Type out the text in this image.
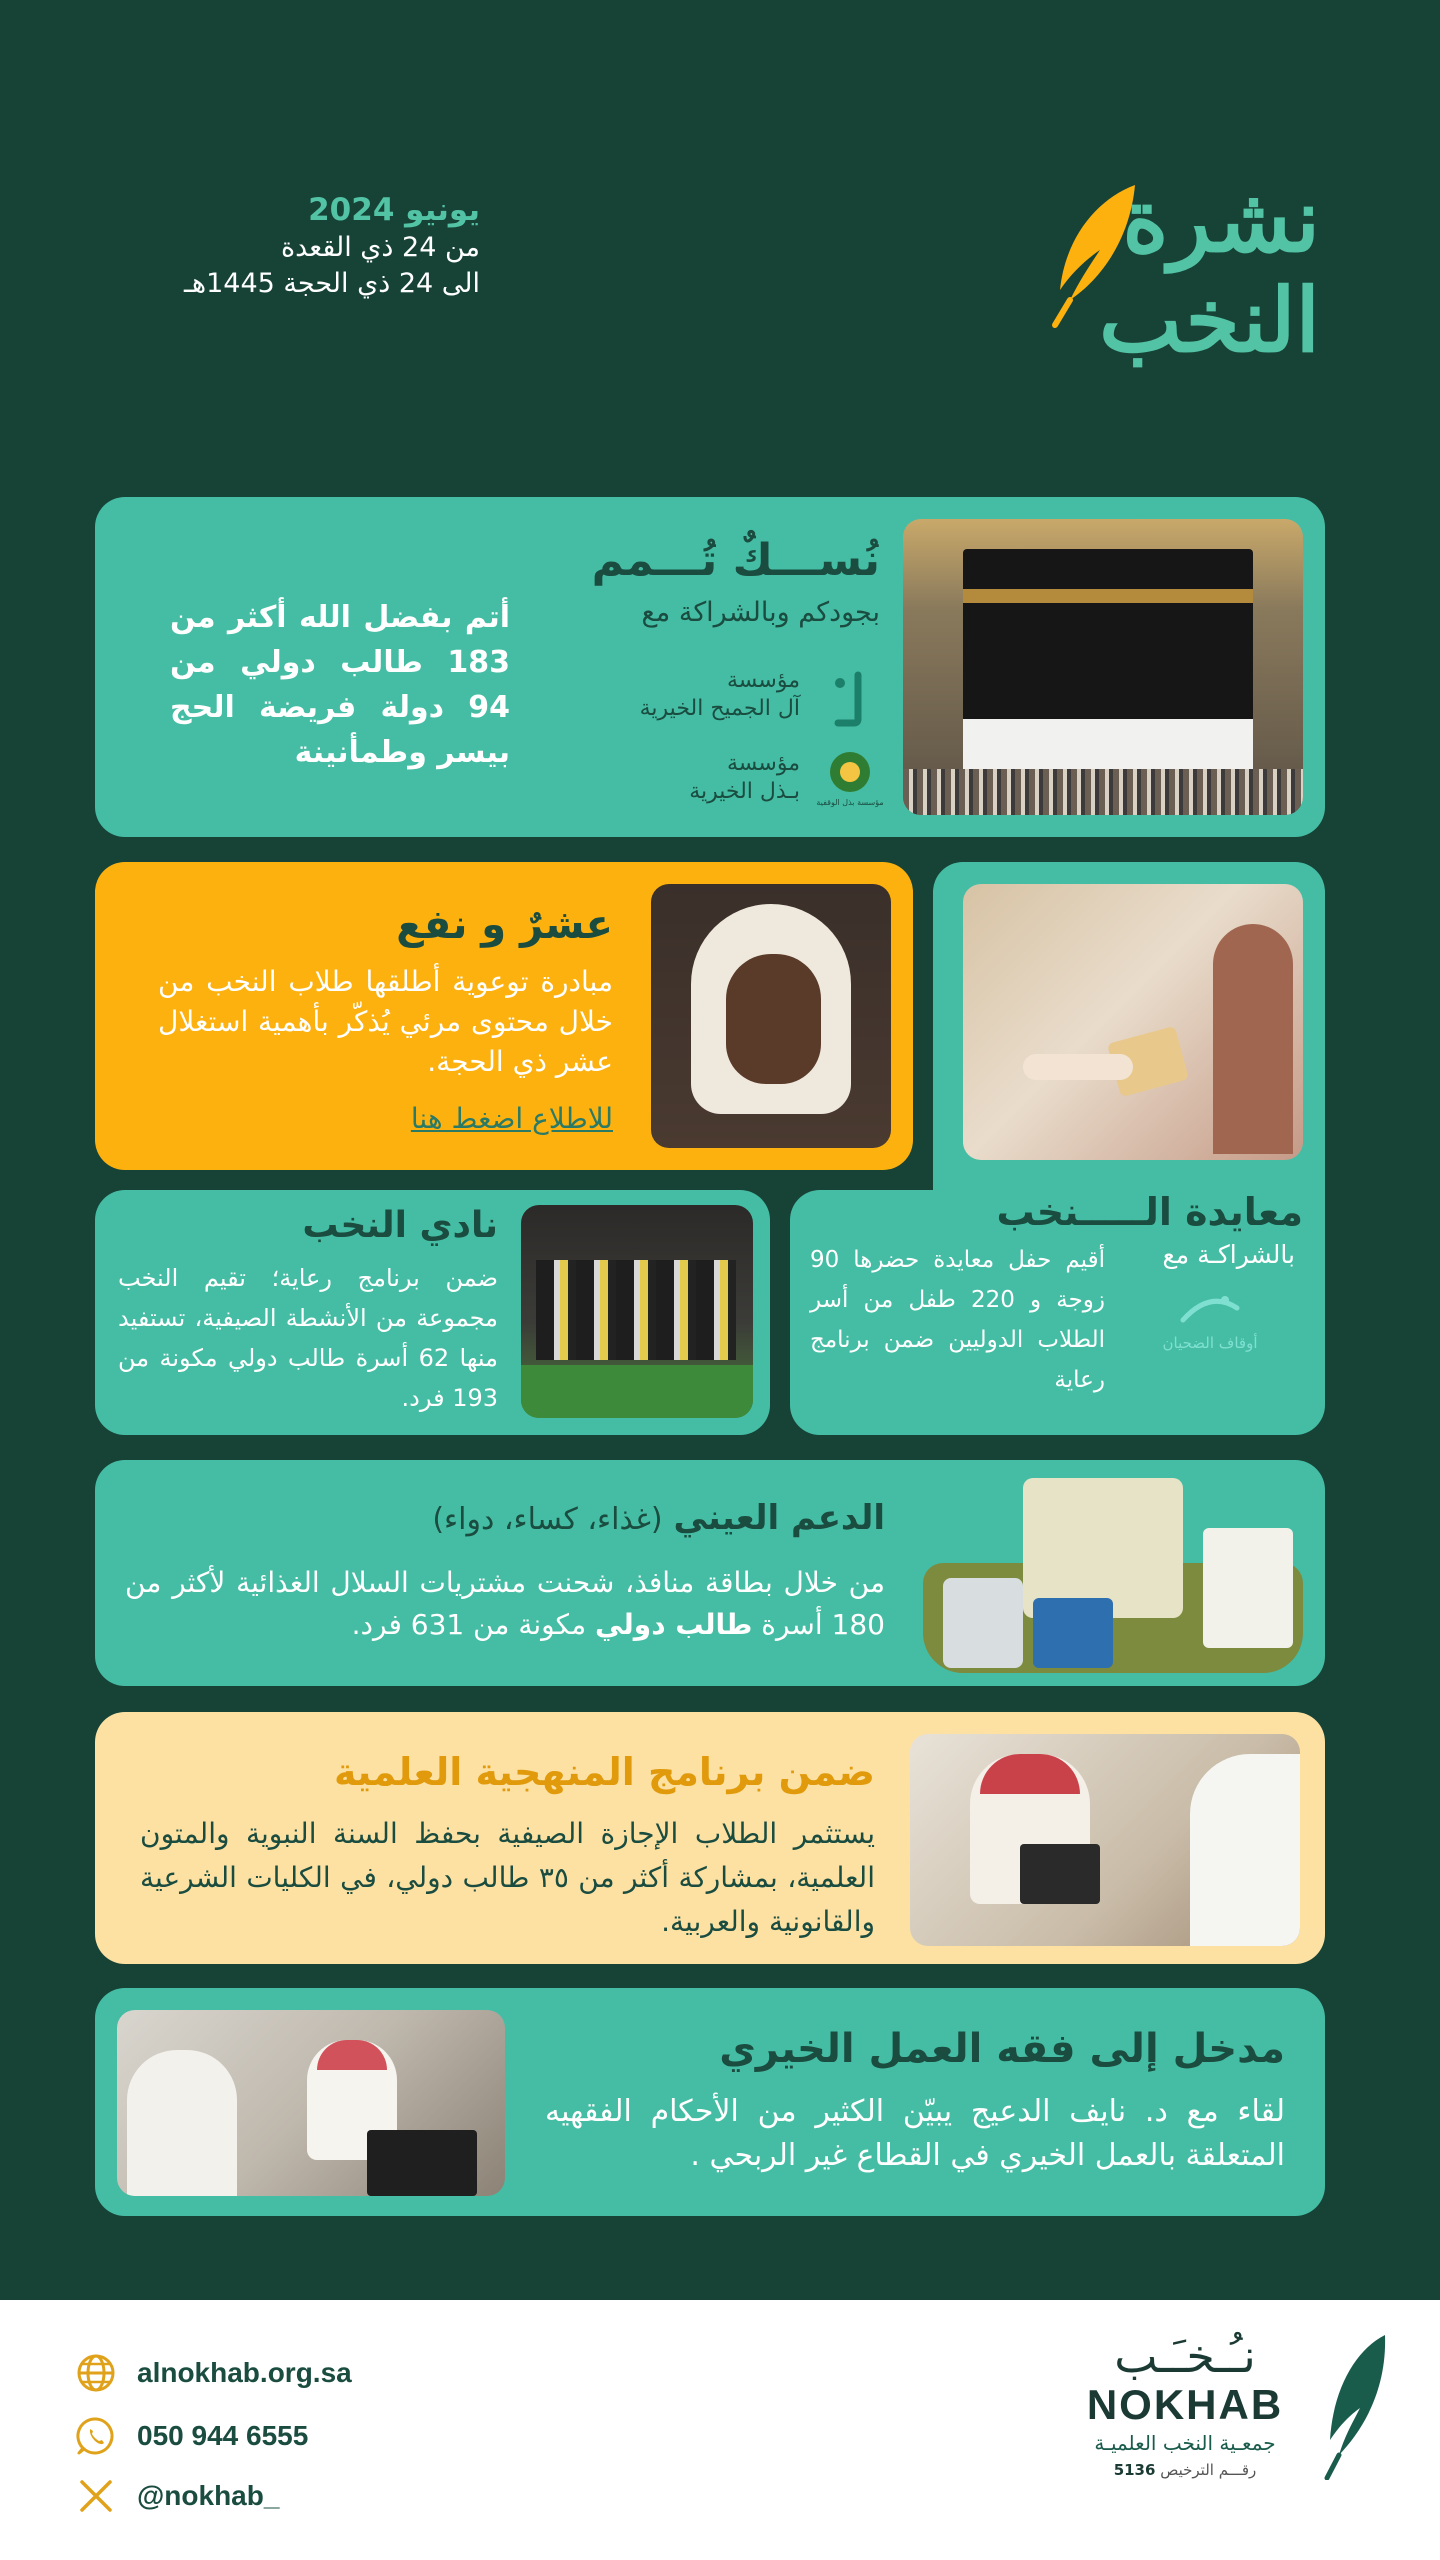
نشرة
النخب
يونيو 2024
من 24 ذي القعدة
الى 24 ذي الحجة 1445هـ
نُســـكٌ تُـــمم
بجودكم وبالشراكة مع
مؤسسة
آل الجميح الخيرية
مؤسسة بذل الوقفية
مؤسسة
بـذل الخيرية
أتم بفضل الله أكثر من 183 طالب دولي من 94 دولة فريضة الحج بيسر وطمأنينة
معايدة الـــــنخب
بالشراكـة مع
أوقاف الضحيان
أقيم حفل معايدة حضرها 90 زوجة و 220 طفل من أسر الطلاب الدوليين ضمن برنامج رعاية
عشرٌ و نفع
مبادرة توعوية أطلقها طلاب النخب من خلال محتوى مرئي يُذكّر بأهمية استغلال عشر ذي الحجة.
للاطلاع اضغط هنا
نادي النخب
ضمن برنامج رعاية؛ تقيم النخب مجموعة من الأنشطة الصيفية، تستفيد منها 62 أسرة طالب دولي مكونة من 193 فرد.
الدعم العيني (غذاء، كساء، دواء)
من خلال بطاقة منافذ، شحنت مشتريات السلال الغذائية لأكثر من 180 أسرة طالب دولي مكونة من 631 فرد.
ضمن برنامج المنهجية العلمية
يستثمر الطلاب الإجازة الصيفية بحفظ السنة النبوية والمتون العلمية، بمشاركة أكثر من ٣٥ طالب دولي، في الكليات الشرعية والقانونية والعربية.
مدخل إلى فقه العمل الخيري
لقاء مع د. نايف الدعيج يبيّن الكثير من الأحكام الفقهيه المتعلقة بالعمل الخيري في القطاع غير الربحي .
alnokhab.org.sa
050 944 6555
@nokhab_
نـُـخـَـب
NOKHAB
جمعـية النخب العلميـة
رقـــم الترخيص 5136
